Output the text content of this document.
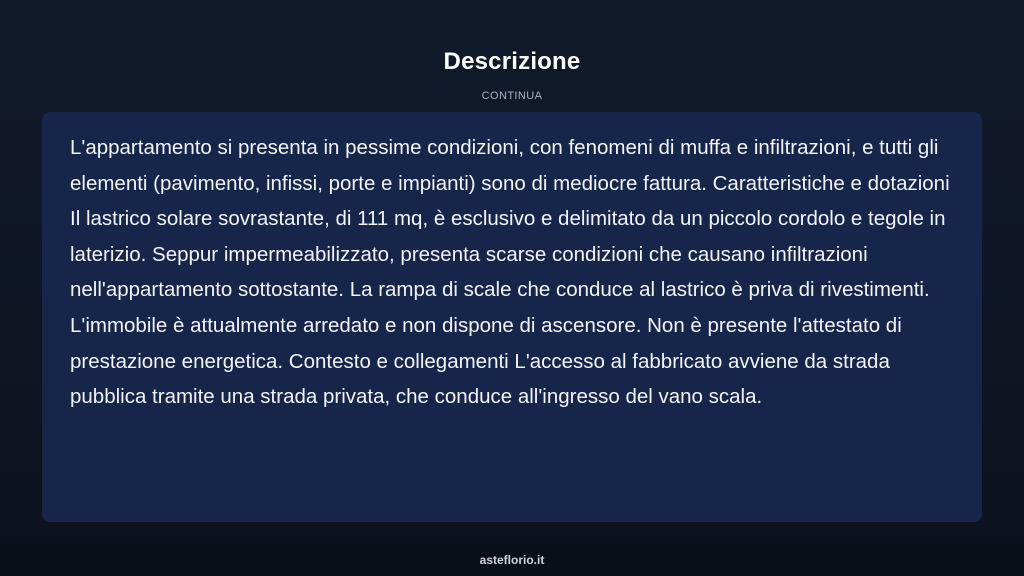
Descrizione
CONTINUA

L'appartamento si presenta in pessime condizioni, con fenomeni di muffa e infiltrazioni, e tutti gli elementi (pavimento, infissi, porte e impianti) sono di mediocre fattura. Caratteristiche e dotazioni Il lastrico solare sovrastante, di 111 mq, è esclusivo e delimitato da un piccolo cordolo e tegole in laterizio. Seppur impermeabilizzato, presenta scarse condizioni che causano infiltrazioni nell'appartamento sottostante. La rampa di scale che conduce al lastrico è priva di rivestimenti. L'immobile è attualmente arredato e non dispone di ascensore. Non è presente l'attestato di prestazione energetica. Contesto e collegamenti L'accesso al fabbricato avviene da strada pubblica tramite una strada privata, che conduce all'ingresso del vano scala.

asteflorio.it
